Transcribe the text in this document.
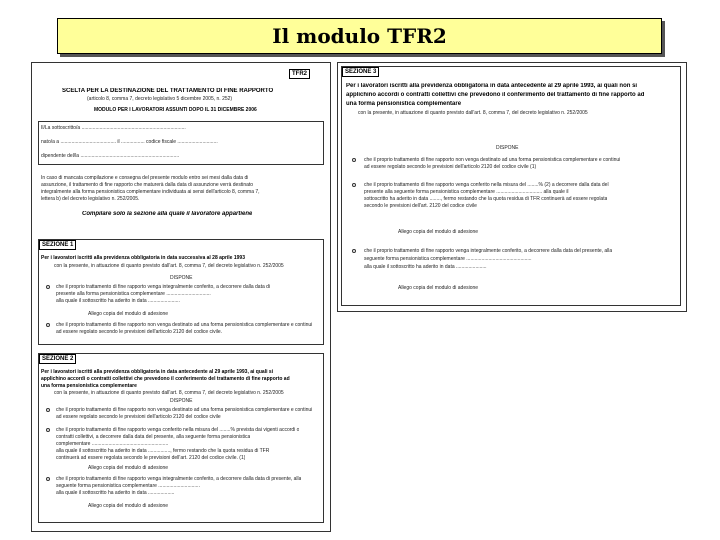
Il modulo TFR2
TFR2
SCELTA PER LA DESTINAZIONE DEL TRATTAMENTO DI FINE RAPPORTO
(articolo 8, comma 7, decreto legislativo 5 dicembre 2005, n. 252)
MODULO PER I LAVORATORI ASSUNTI DOPO IL 31 DICEMBRE 2006
Il/La sottoscritto/a ...........................................................................
nato/a a ........................................ il ................. codice fiscale .............................
dipendente del/la .......................................................................
In caso di mancata compilazione e consegna del presente modulo entro sei mesi dalla data di
assunzione, il trattamento di fine rapporto che maturerà dalla data di assunzione verrà destinato
integralmente alla forma pensionistica complementare individuata ai sensi dell'articolo 8, comma 7,
lettera b) del decreto legislativo n. 252/2005.
Compilare solo la sezione alla quale il lavoratore appartiene
SEZIONE 1
Per i lavoratori iscritti alla previdenza obbligatoria in data successiva al 28 aprile 1993
con la presente, in attuazione di quanto previsto dall'art. 8, comma 7, del decreto legislativo n. 252/2005
DISPONE
che il proprio trattamento di fine rapporto venga integralmente conferito, a decorrere dalla data di
presente alla forma pensionistica complementare ................................
alla quale il sottoscritto ha aderito in data .......................
Allego copia del modulo di adesione
che il proprio trattamento di fine rapporto non venga destinato ad una forma pensionistica complementare e continui
ad essere regolato secondo le previsioni dell'articolo 2120 del codice civile.
SEZIONE 2
Per i lavoratori iscritti alla previdenza obbligatoria in data antecedente al 29 aprile 1993, ai quali si
applichino accordi o contratti collettivi che prevedono il conferimento del trattamento di fine rapporto ad
una forma pensionistica complementare
con la presente, in attuazione di quanto previsto dall'art. 8, comma 7, del decreto legislativo n. 252/2005
DISPONE
che il proprio trattamento di fine rapporto non venga destinato ad una forma pensionistica complementare e continui
ad essere regolato secondo le previsioni dell'articolo 2120 del codice civile
che il proprio trattamento di fine rapporto venga conferito nella misura del ........% prevista dai vigenti accordi o
contratti collettivi, a decorrere dalla data del presente, alla seguente forma pensionistica
complementare .......................................................
alla quale il sottoscritto ha aderito in data ................, fermo restando che la quota residua di TFR
continuerà ad essere regolata secondo le previsioni dell'art. 2120 del codice civile. (1)
Allego copia del modulo di adesione
che il proprio trattamento di fine rapporto venga integralmente conferito, a decorrere dalla data di presente, alla
seguente forma pensionistica complementare ..............................
alla quale il sottoscritto ha aderito in data ...................
Allego copia del modulo di adesione
SEZIONE 3
Per i lavoratori iscritti alla previdenza obbligatoria in data antecedente al 29 aprile 1993, ai quali non si
applichino accordi o contratti collettivi che prevedono il conferimento del trattamento di fine rapporto ad
una forma pensionistica complementare
con la presente, in attuazione di quanto previsto dall'art. 8, comma 7, del decreto legislativo n. 252/2005
DISPONE
che il proprio trattamento di fine rapporto non venga destinato ad una forma pensionistica complementare e continui
ad essere regolato secondo le previsioni dell'articolo 2120 del codice civile (1)
che il proprio trattamento di fine rapporto venga conferito nella misura del ........% (2) a decorrere dalla data del
presente alla seguente forma pensionistica complementare ................................. alla quale il
sottoscritto ha aderito in data ........, fermo restando che la quota residua di TFR continuerà ad essere regolata
secondo le previsioni dell'art. 2120 del codice civile
Allego copia del modulo di adesione
che il proprio trattamento di fine rapporto venga integralmente conferito, a decorrere dalla data del presente, alla
seguente forma pensionistica complementare ...............................................
alla quale il sottoscritto ha aderito in data ......................
Allego copia del modulo di adesione
